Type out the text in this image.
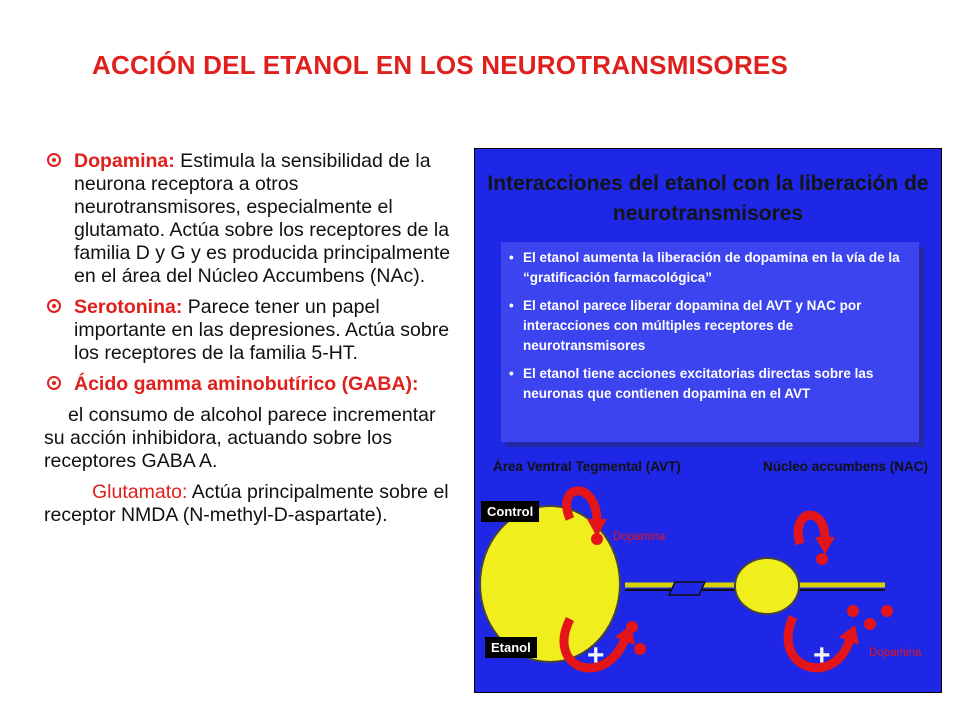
ACCIÓN DEL ETANOL EN LOS NEUROTRANSMISORES
Dopamina: Estimula la sensibilidad de la neurona receptora a otros neurotransmisores, especialmente el glutamato. Actúa sobre los receptores de la familia D y G y es producida principalmente en el área del Núcleo Accumbens (NAc).
Serotonina: Parece tener un papel importante en las depresiones. Actúa sobre los receptores de la familia 5-HT.
Ácido gamma aminobutírico (GABA):
el consumo de alcohol parece incrementar su acción inhibidora, actuando sobre los receptores GABA A.
Glutamato: Actúa principalmente sobre el receptor NMDA (N-methyl-D-aspartate).
Interacciones del etanol con la liberación de
neurotransmisores
• El etanol aumenta la liberación de dopamina en la vía de la “gratificación farmacológica”
• El etanol parece liberar dopamina del AVT y NAC por interacciones con múltiples receptores de neurotransmisores
• El etanol tiene acciones excitatorias directas sobre las neuronas que contienen dopamina en el AVT
Área Ventral Tegmental (AVT)	Núcleo accumbens (NAC)
Control
Etanol
Dopamina
Dopamina
+	+
